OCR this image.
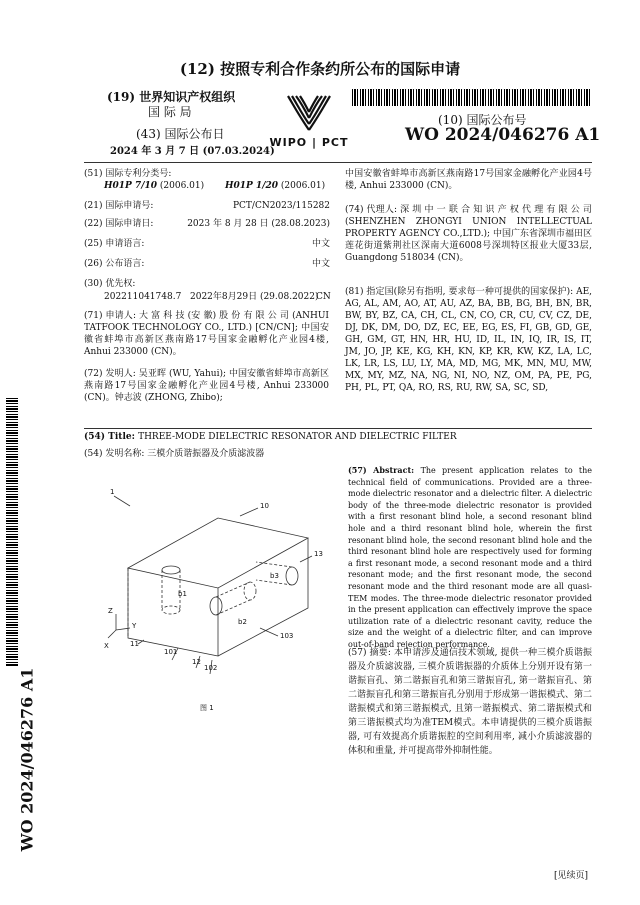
(12) 按照专利合作条约所公布的国际申请
(19) 世界知识产权组织
国 际 局
(43) 国际公布日
2024 年 3 月 7 日 (07.03.2024)
WIPO | PCT
(10) 国际公布号
WO 2024/046276 A1
(51) 国际专利分类号:
H01P 7/10 (2006.01) H01P 1/20 (2006.01)
(21) 国际申请号:	PCT/CN2023/115282
(22) 国际申请日:	2023 年 8 月 28 日 (28.08.2023)
(25) 申请语言:	中文
(26) 公布语言:	中文
(30) 优先权:
202211041748.7 2022年8月29日 (29.08.2022)
CN
(71) 申请人: 大 富 科 技 (安 徽) 股 份 有 限 公 司 (ANHUI TATFOOK TECHNOLOGY CO., LTD.) [CN/CN]; 中国安徽省蚌埠市高新区燕南路17号国家金融孵化产业园4楼, Anhui 233000 (CN)。
(72) 发明人: 吴亚晖 (WU, Yahui); 中国安徽省蚌埠市高新区燕南路17号国家金融孵化产业园4号楼, Anhui 233000 (CN)。钟志波 (ZHONG, Zhibo);
中国安徽省蚌埠市高新区燕南路17号国家金融孵化产业园4号楼, Anhui 233000 (CN)。
(74) 代理人: 深 圳 中 一 联 合 知 识 产 权 代 理 有 限 公 司 (SHENZHEN ZHONGYI UNION INTELLECTUAL PROPERTY AGENCY CO.,LTD.); 中国广东省深圳市福田区莲花街道紫荆社区深南大道6008号深圳特区报业大厦33层, Guangdong 518034 (CN)。
(81) 指定国(除另有指明, 要求每一种可提供的国家保护): AE, AG, AL, AM, AO, AT, AU, AZ, BA, BB, BG, BH, BN, BR, BW, BY, BZ, CA, CH, CL, CN, CO, CR, CU, CV, CZ, DE, DJ, DK, DM, DO, DZ, EC, EE, EG, ES, FI, GB, GD, GE, GH, GM, GT, HN, HR, HU, ID, IL, IN, IQ, IR, IS, IT, JM, JO, JP, KE, KG, KH, KN, KP, KR, KW, KZ, LA, LC, LK, LR, LS, LU, LY, MA, MD, MG, MK, MN, MU, MW, MX, MY, MZ, NA, NG, NI, NO, NZ, OM, PA, PE, PG, PH, PL, PT, QA, RO, RS, RU, RW, SA, SC, SD,
(54) Title: THREE-MODE DIELECTRIC RESONATOR AND DIELECTRIC FILTER
(54) 发明名称: 三模介质谐振器及介质滤波器
1
10
13
b3
b1
b2
103
11
101
12
102
Z
Y
X
图 1
(57) Abstract: The present application relates to the technical field of communications. Provided are a three-mode dielectric resonator and a dielectric filter. A dielectric body of the three-mode dielectric resonator is provided with a first resonant blind hole, a second resonant blind hole and a third resonant blind hole, wherein the first resonant blind hole, the second resonant blind hole and the third resonant blind hole are respectively used for forming a first resonant mode, a second resonant mode and a third resonant mode; and the first resonant mode, the second resonant mode and the third resonant mode are all quasi-TEM modes. The three-mode dielectric resonator provided in the present application can effectively improve the space utilization rate of a dielectric resonant cavity, reduce the size and the weight of a dielectric filter, and can improve out-of-band rejection performance.
(57) 摘要: 本申请涉及通信技术领域, 提供一种三模介质谐振器及介质滤波器, 三模介质谐振器的介质体上分别开设有第一谐振盲孔、第二谐振盲孔和第三谐振盲孔, 第一谐振盲孔、第二谐振盲孔和第三谐振盲孔分别用于形成第一谐振模式、第二谐振模式和第三谐振模式, 且第一谐振模式、第二谐振模式和第三谐振模式均为准TEM模式。本申请提供的三模介质谐振器, 可有效提高介质谐振腔的空间利用率, 减小介质滤波器的体积和重量, 并可提高带外抑制性能。
WO 2024/046276 A1
[见续页]
